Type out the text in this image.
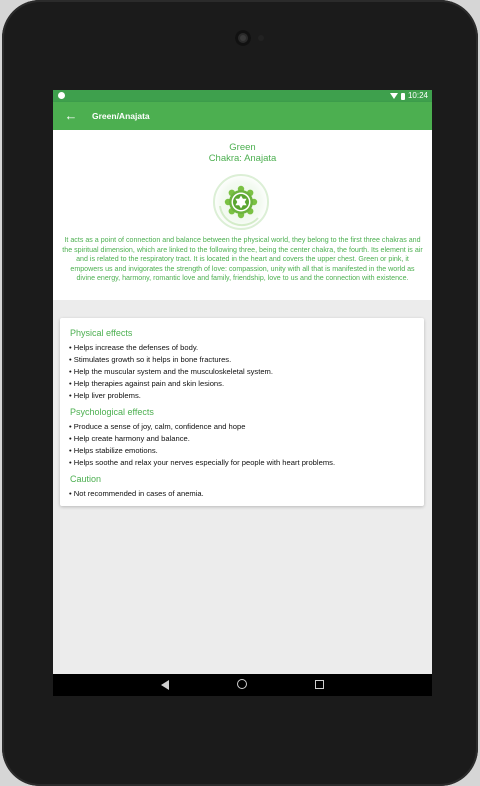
10:24
←	Green/Anajata
Green
Chakra: Anajata
It acts as a point of connection and balance between the physical world, they belong to the first three chakras and the spiritual dimension, which are linked to the following three, being the center chakra, the fourth. Its element is air and is related to the respiratory tract. It is located in the heart and covers the upper chest. Green or pink, it empowers us and invigorates the strength of love: compassion, unity with all that is manifested in the world as divine energy, harmony, romantic love and family, friendship, love to us and the connection with existence.
Physical effects
• Helps increase the defenses of body.
• Stimulates growth so it helps in bone fractures.
• Help the muscular system and the musculoskeletal system.
• Help therapies against pain and skin lesions.
• Help liver problems.
Psychological effects
• Produce a sense of joy, calm, confidence and hope
• Help create harmony and balance.
• Helps stabilize emotions.
• Helps soothe and relax your nerves especially for people with heart problems.
Caution
• Not recommended in cases of anemia.
